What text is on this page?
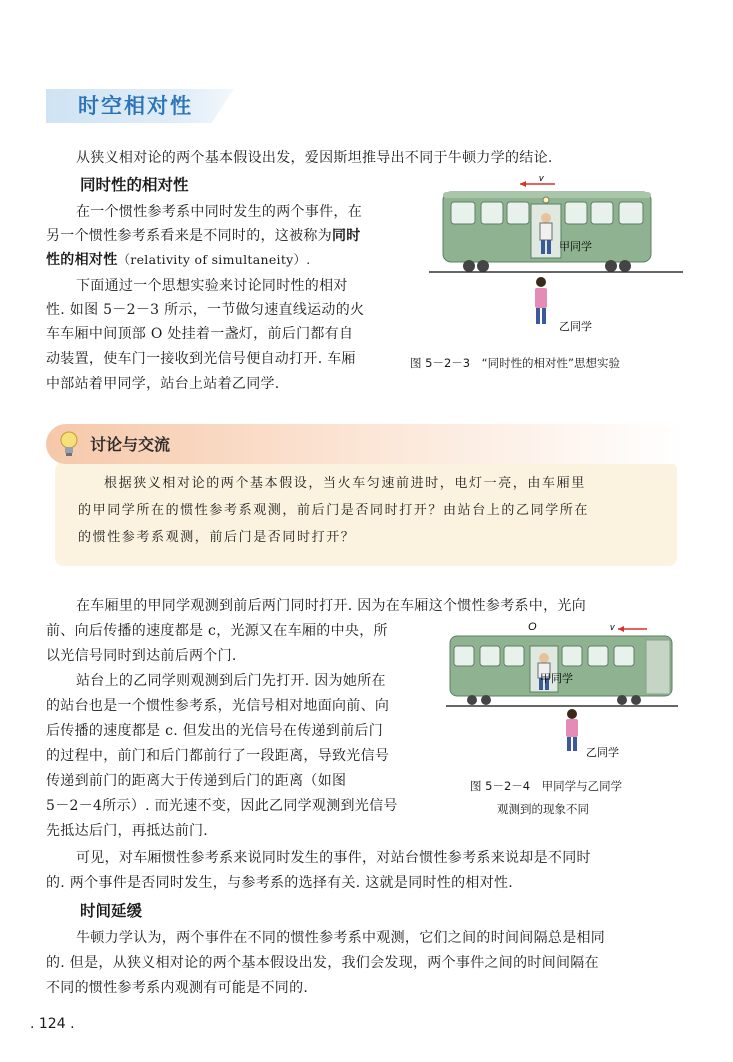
时空相对性
从狭义相对论的两个基本假设出发，爱因斯坦推导出不同于牛顿力学的结论.
同时性的相对性
在一个惯性参考系中同时发生的两个事件，在
另一个惯性参考系看来是不同时的，这被称为同时
性的相对性（relativity of simultaneity）.
下面通过一个思想实验来讨论同时性的相对
性. 如图 5－2－3 所示，一节做匀速直线运动的火
车车厢中间顶部 O 处挂着一盏灯，前后门都有自
动装置，使车门一接收到光信号便自动打开. 车厢
中部站着甲同学，站台上站着乙同学.
v
甲同学
乙同学
图 5－2－3　“同时性的相对性”思想实验
讨论与交流
根据狭义相对论的两个基本假设，当火车匀速前进时，电灯一亮，由车厢里
的甲同学所在的惯性参考系观测，前后门是否同时打开？由站台上的乙同学所在
的惯性参考系观测，前后门是否同时打开？
在车厢里的甲同学观测到前后两门同时打开. 因为在车厢这个惯性参考系中，光向
前、向后传播的速度都是 c，光源又在车厢的中央，所
以光信号同时到达前后两个门.
站台上的乙同学则观测到后门先打开. 因为她所在
的站台也是一个惯性参考系，光信号相对地面向前、向
后传播的速度都是 c. 但发出的光信号在传递到前后门
的过程中，前门和后门都前行了一段距离，导致光信号
传递到前门的距离大于传递到后门的距离（如图
5－2－4所示）. 而光速不变，因此乙同学观测到光信号
先抵达后门，再抵达前门.
可见，对车厢惯性参考系来说同时发生的事件，对站台惯性参考系来说却是不同时
的. 两个事件是否同时发生，与参考系的选择有关. 这就是同时性的相对性.
O	v
甲同学
乙同学
图 5－2－4　甲同学与乙同学
观测到的现象不同
时间延缓
牛顿力学认为，两个事件在不同的惯性参考系中观测，它们之间的时间间隔总是相同
的. 但是，从狭义相对论的两个基本假设出发，我们会发现，两个事件之间的时间间隔在
不同的惯性参考系内观测有可能是不同的.
. 124 .
